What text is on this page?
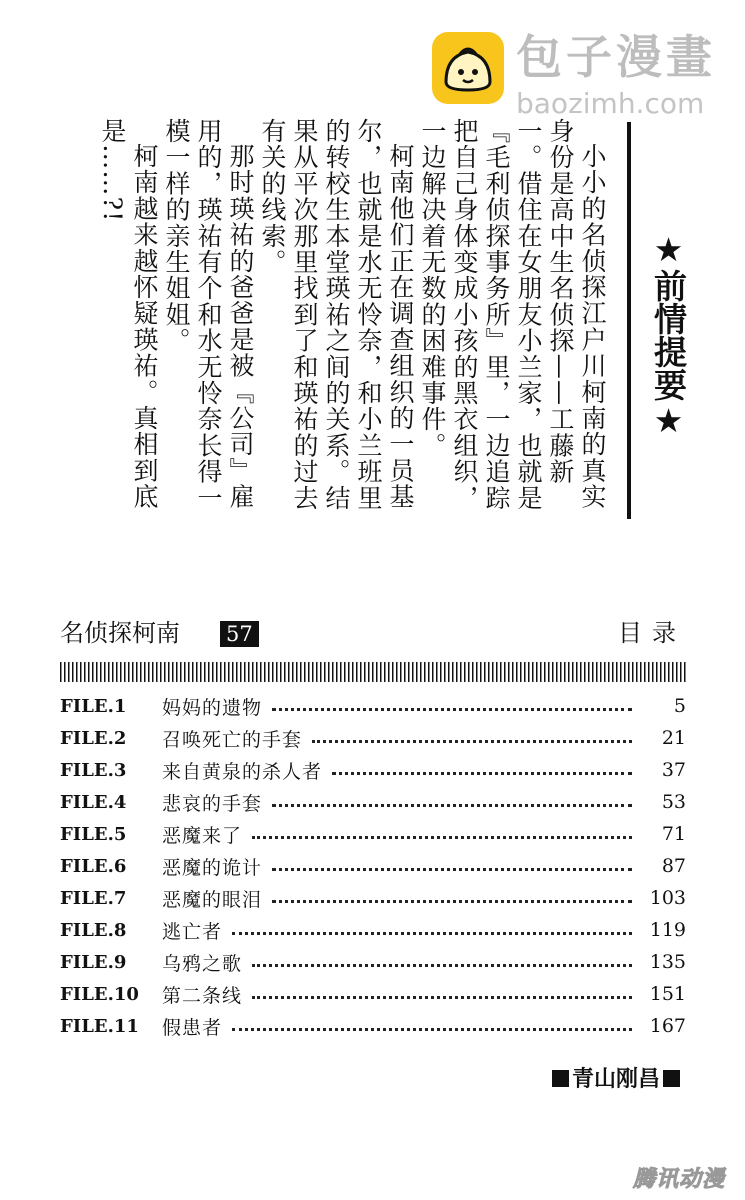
包子漫畫
baozimh.com
★前情提要★

小小的名侦探江户川柯南的真实身份是高中生名侦探——工藤新一。借住在女朋友小兰家，也就是『毛利侦探事务所』里，一边追踪把自己身体变成小孩的黑衣组织，一边解决着无数的困难事件。

柯南他们正在调查组织的一员基尔，也就是水无怜奈，和小兰班里的转校生本堂瑛祐之间的关系。结果从平次那里找到了和瑛祐的过去有关的线索。

那时瑛祐的爸爸是被『公司』雇用的，瑛祐有个和水无怜奈长得一模一样的亲生姐姐。

柯南越来越怀疑瑛祐。真相到底是……?!

名侦探柯南 57	目录
FILE.1	妈妈的遗物	5
FILE.2	召唤死亡的手套	21
FILE.3	来自黄泉的杀人者	37
FILE.4	悲哀的手套	53
FILE.5	恶魔来了	71
FILE.6	恶魔的诡计	87
FILE.7	恶魔的眼泪	103
FILE.8	逃亡者	119
FILE.9	乌鸦之歌	135
FILE.10	第二条线	151
FILE.11	假患者	167
青山刚昌
腾讯动漫
